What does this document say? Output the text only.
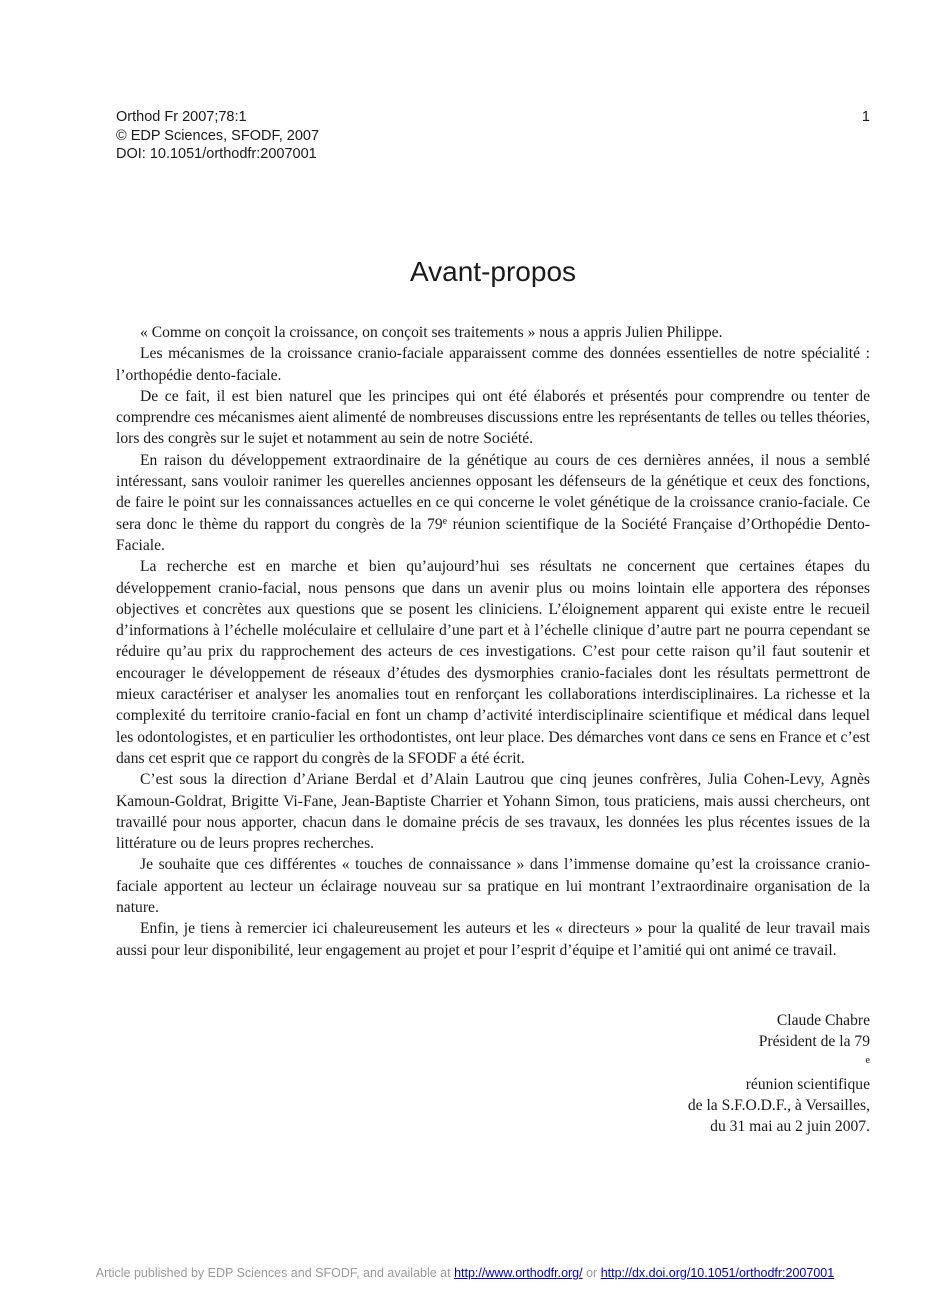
Orthod Fr 2007;78:1
© EDP Sciences, SFODF, 2007
DOI: 10.1051/orthodfr:2007001
1
Avant-propos

« Comme on conçoit la croissance, on conçoit ses traitements » nous a appris Julien Philippe.

Les mécanismes de la croissance cranio-faciale apparaissent comme des données essentielles de notre spécialité : l’orthopédie dento-faciale.

De ce fait, il est bien naturel que les principes qui ont été élaborés et présentés pour comprendre ou tenter de comprendre ces mécanismes aient alimenté de nombreuses discussions entre les représentants de telles ou telles théories, lors des congrès sur le sujet et notamment au sein de notre Société.

En raison du développement extraordinaire de la génétique au cours de ces dernières années, il nous a semblé intéressant, sans vouloir ranimer les querelles anciennes opposant les défenseurs de la génétique et ceux des fonctions, de faire le point sur les connaissances actuelles en ce qui concerne le volet génétique de la croissance cranio-faciale. Ce sera donc le thème du rapport du congrès de la 79e réunion scientifique de la Société Française d’Orthopédie Dento-Faciale.

La recherche est en marche et bien qu’aujourd’hui ses résultats ne concernent que certaines étapes du développement cranio-facial, nous pensons que dans un avenir plus ou moins lointain elle apportera des réponses objectives et concrètes aux questions que se posent les cliniciens. L’éloignement apparent qui existe entre le recueil d’informations à l’échelle moléculaire et cellulaire d’une part et à l’échelle clinique d’autre part ne pourra cependant se réduire qu’au prix du rapprochement des acteurs de ces investigations. C’est pour cette raison qu’il faut soutenir et encourager le développement de réseaux d’études des dysmorphies cranio-faciales dont les résultats permettront de mieux caractériser et analyser les anomalies tout en renforçant les collaborations interdisciplinaires. La richesse et la complexité du territoire cranio-facial en font un champ d’activité interdisciplinaire scientifique et médical dans lequel les odontologistes, et en particulier les orthodontistes, ont leur place. Des démarches vont dans ce sens en France et c’est dans cet esprit que ce rapport du congrès de la SFODF a été écrit.

C’est sous la direction d’Ariane Berdal et d’Alain Lautrou que cinq jeunes confrères, Julia Cohen-Levy, Agnès Kamoun-Goldrat, Brigitte Vi-Fane, Jean-Baptiste Charrier et Yohann Simon, tous praticiens, mais aussi chercheurs, ont travaillé pour nous apporter, chacun dans le domaine précis de ses travaux, les données les plus récentes issues de la littérature ou de leurs propres recherches.

Je souhaite que ces différentes « touches de connaissance » dans l’immense domaine qu’est la croissance cranio-faciale apportent au lecteur un éclairage nouveau sur sa pratique en lui montrant l’extraordinaire organisation de la nature.

Enfin, je tiens à remercier ici chaleureusement les auteurs et les « directeurs » pour la qualité de leur travail mais aussi pour leur disponibilité, leur engagement au projet et pour l’esprit d’équipe et l’amitié qui ont animé ce travail.

Claude Chabre
Président de la 79
$^e$
réunion scientifique
de la S.F.O.D.F., à Versailles,
du 31 mai au 2 juin 2007.
Article published by EDP Sciences and SFODF, and available at http://www.orthodfr.org/ or http://dx.doi.org/10.1051/orthodfr:2007001
